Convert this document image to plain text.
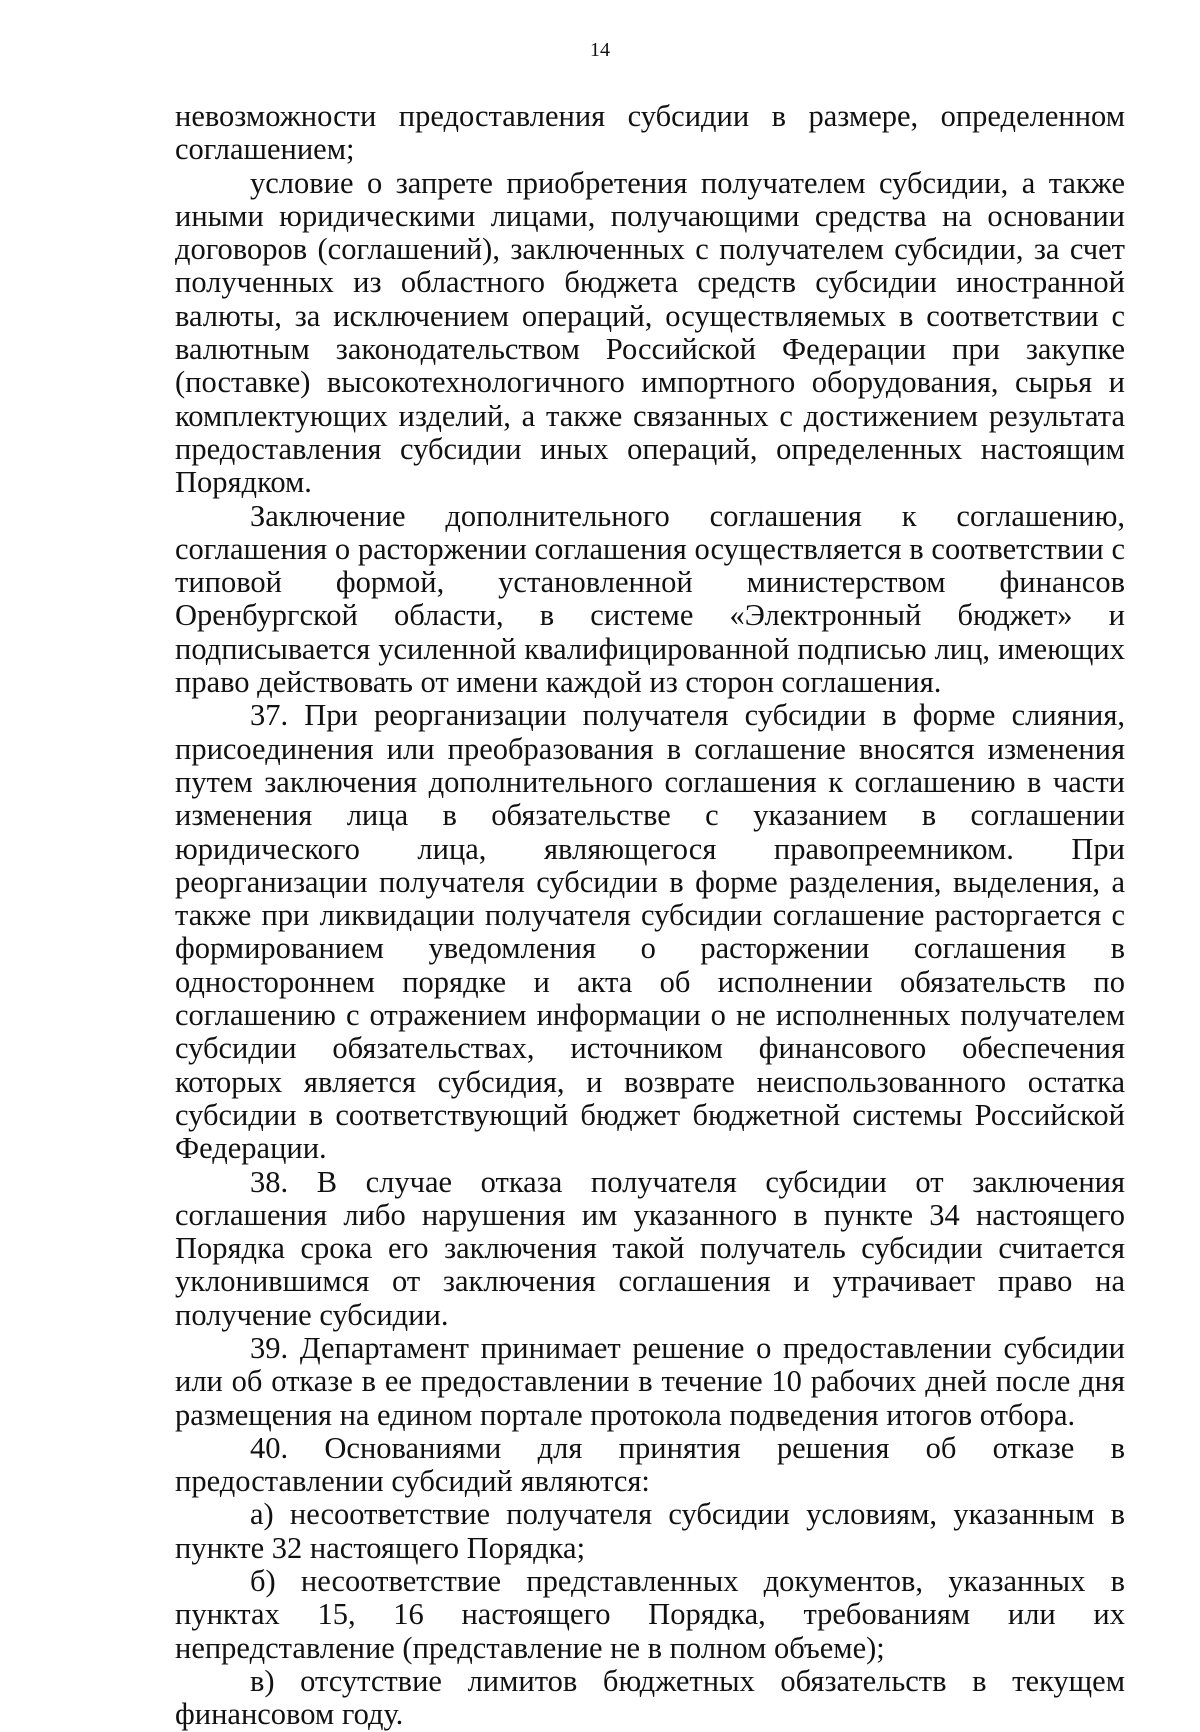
14

невозможности предоставления субсидии в размере, определенном соглашением;

условие о запрете приобретения получателем субсидии, а также иными юридическими лицами, получающими средства на основании договоров (соглашений), заключенных с получателем субсидии, за счет полученных из областного бюджета средств субсидии иностранной валюты, за исключением операций, осуществляемых в соответствии с валютным законодательством Российской Федерации при закупке (поставке) высокотехнологичного импортного оборудования, сырья и комплектующих изделий, а также связанных с достижением результата предоставления субсидии иных операций, определенных настоящим Порядком.

Заключение дополнительного соглашения к соглашению, соглашения о расторжении соглашения осуществляется в соответствии с типовой формой, установленной министерством финансов Оренбургской области, в системе «Электронный бюджет» и подписывается усиленной квалифицированной подписью лиц, имеющих право действовать от имени каждой из сторон соглашения.

37. При реорганизации получателя субсидии в форме слияния, присоединения или преобразования в соглашение вносятся изменения путем заключения дополнительного соглашения к соглашению в части изменения лица в обязательстве с указанием в соглашении юридического лица, являющегося правопреемником. При реорганизации получателя субсидии в форме разделения, выделения, а также при ликвидации получателя субсидии соглашение расторгается с формированием уведомления о расторжении соглашения в одностороннем порядке и акта об исполнении обязательств по соглашению с отражением информации о не исполненных получателем субсидии обязательствах, источником финансового обеспечения которых является субсидия, и возврате неиспользованного остатка субсидии в соответствующий бюджет бюджетной системы Российской Федерации.

38. В случае отказа получателя субсидии от заключения соглашения либо нарушения им указанного в пункте 34 настоящего Порядка срока его заключения такой получатель субсидии считается уклонившимся от заключения соглашения и утрачивает право на получение субсидии.

39. Департамент принимает решение о предоставлении субсидии или об отказе в ее предоставлении в течение 10 рабочих дней после дня размещения на едином портале протокола подведения итогов отбора.

40. Основаниями для принятия решения об отказе в предоставлении субсидий являются:

а) несоответствие получателя субсидии условиям, указанным в пункте 32 настоящего Порядка;

б) несоответствие представленных документов, указанных в пунктах 15, 16 настоящего Порядка, требованиям или их непредставление (представление не в полном объеме);

в) отсутствие лимитов бюджетных обязательств в текущем финансовом году.
